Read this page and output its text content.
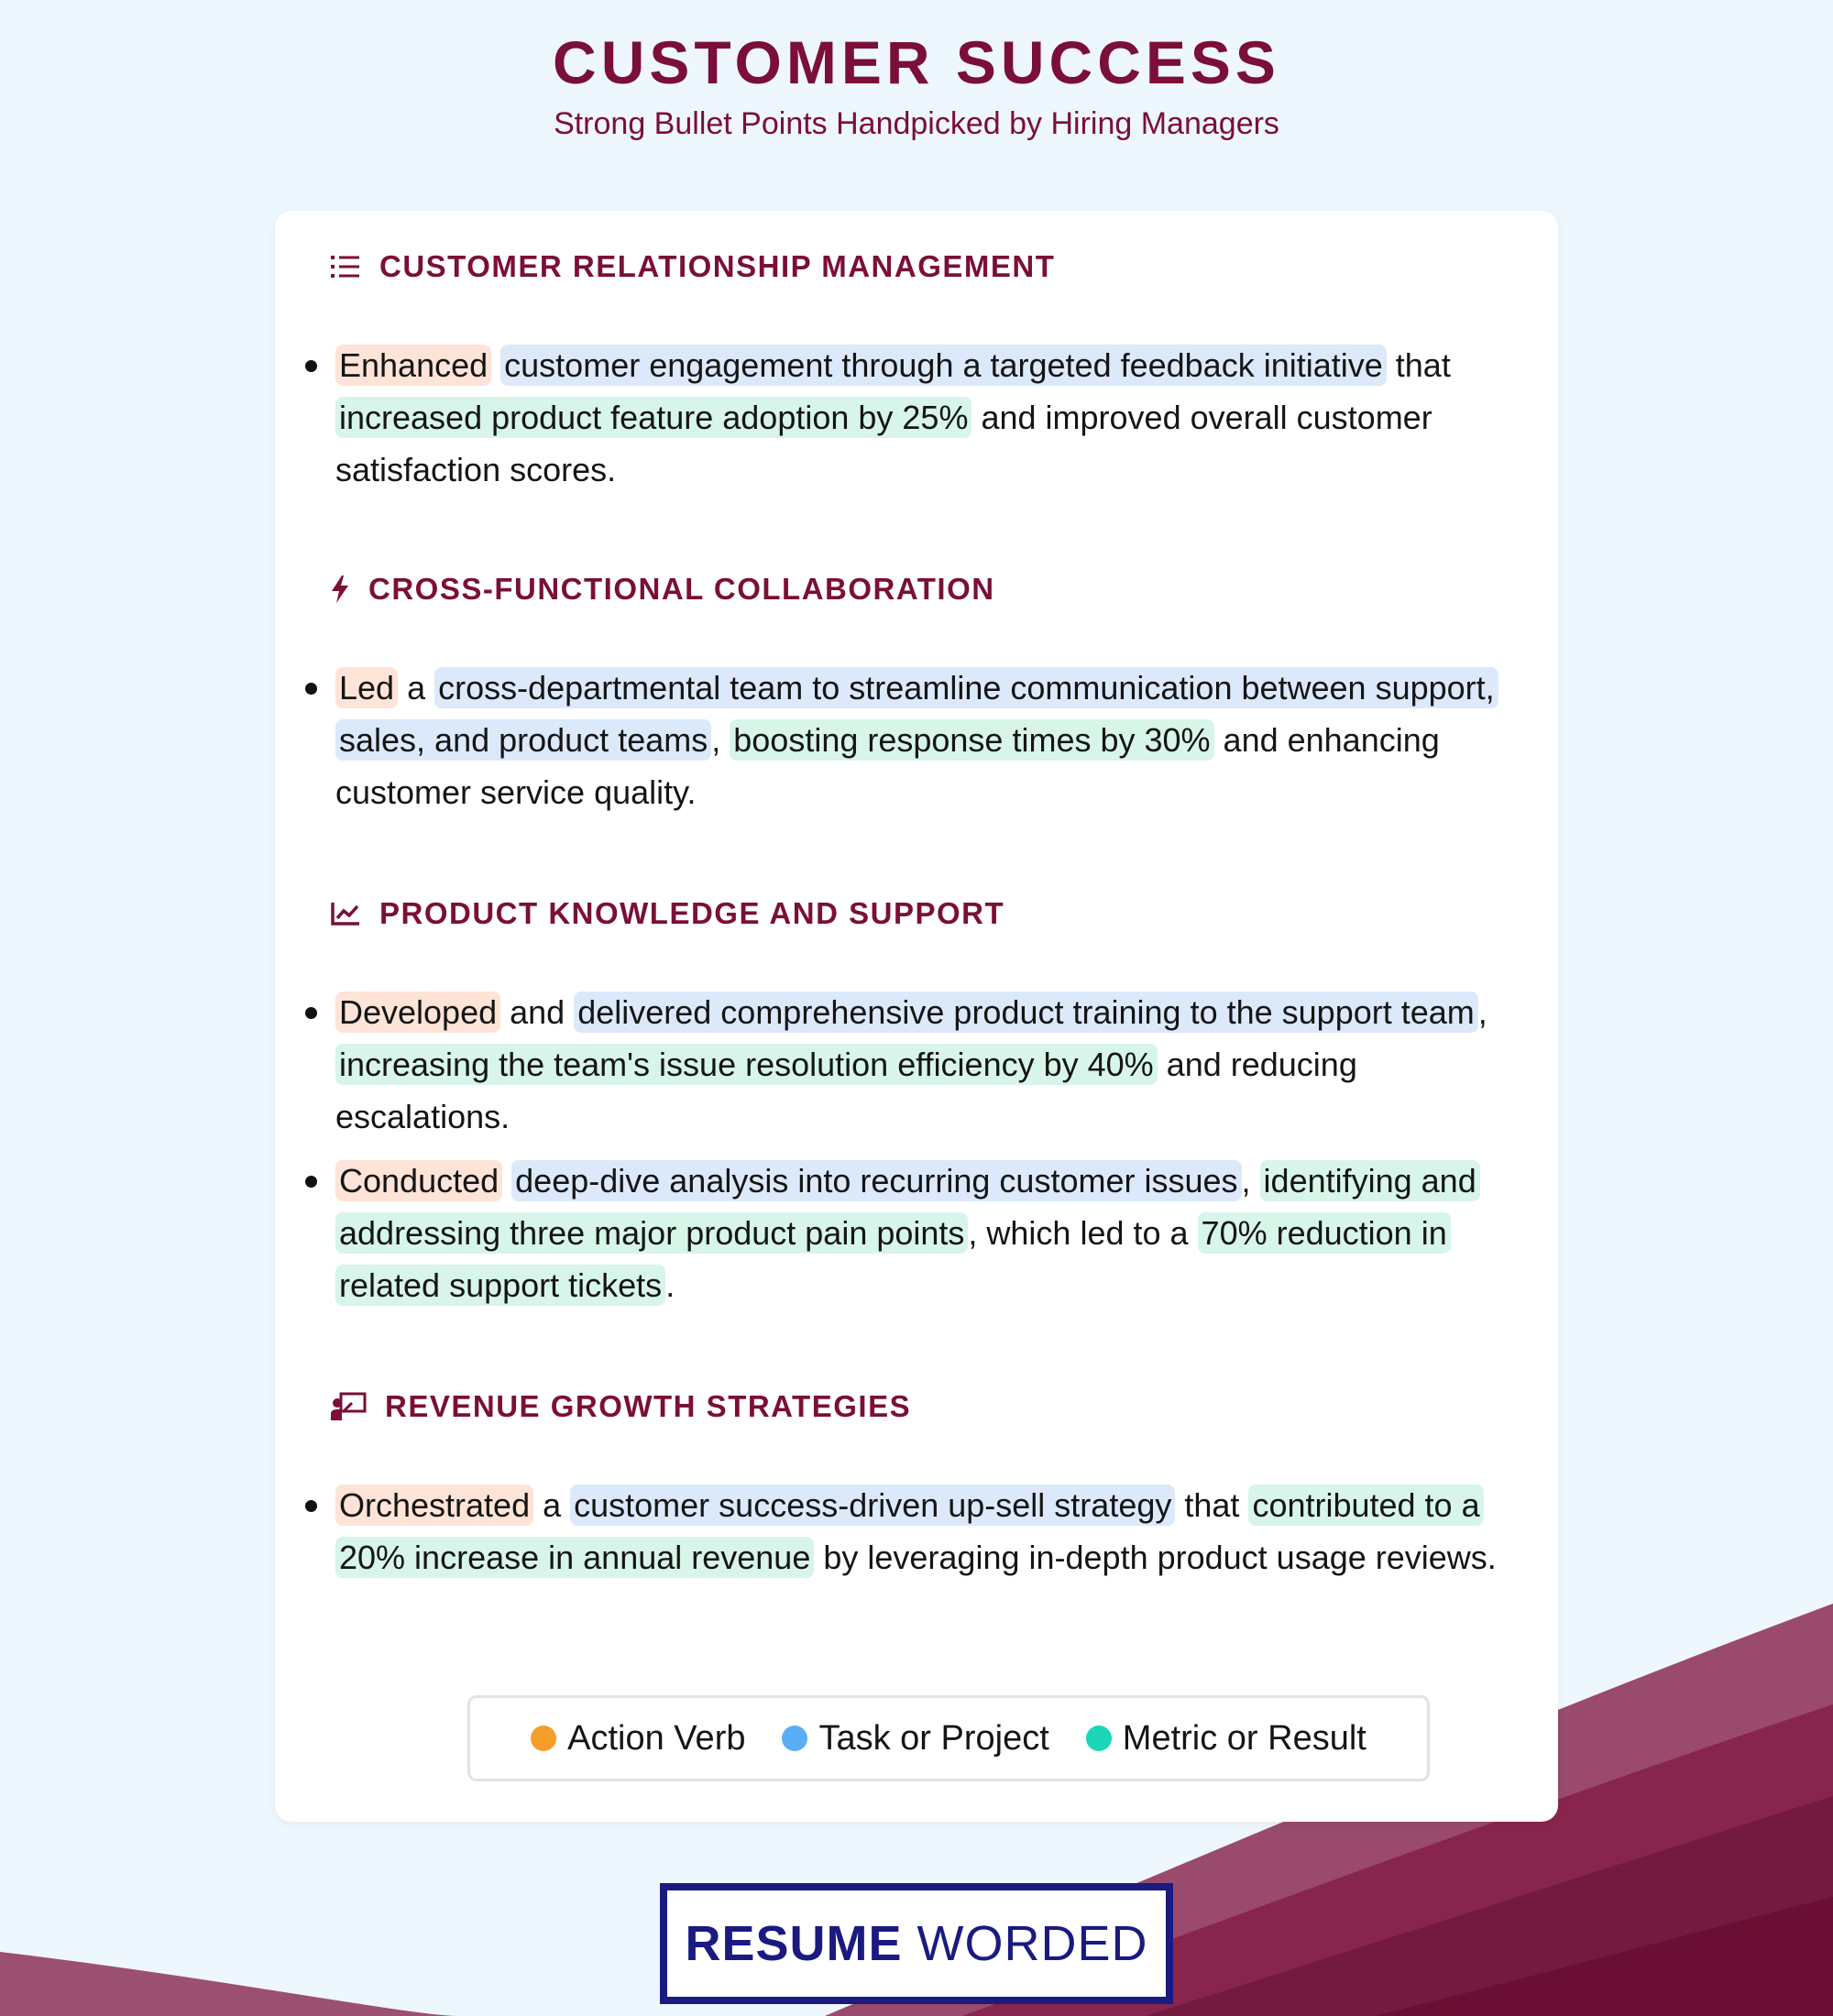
CUSTOMER SUCCESS
Strong Bullet Points Handpicked by Hiring Managers
CUSTOMER RELATIONSHIP MANAGEMENT
Enhanced customer engagement through a targeted feedback initiative that increased product feature adoption by 25% and improved overall customer satisfaction scores.
CROSS-FUNCTIONAL COLLABORATION
Led a cross-departmental team to streamline communication between support, sales, and product teams , boosting response times by 30% and enhancing customer service quality.
PRODUCT KNOWLEDGE AND SUPPORT
Developed and delivered comprehensive product training to the support team , increasing the team's issue resolution efficiency by 40% and reducing escalations.
Conducted deep-dive analysis into recurring customer issues , identifying and addressing three major product pain points , which led to a 70% reduction in related support tickets .
REVENUE GROWTH STRATEGIES
Orchestrated a customer success-driven up-sell strategy that contributed to a 20% increase in annual revenue by leveraging in-depth product usage reviews.
Action Verb Task or Project Metric or Result
RESUME WORDED
